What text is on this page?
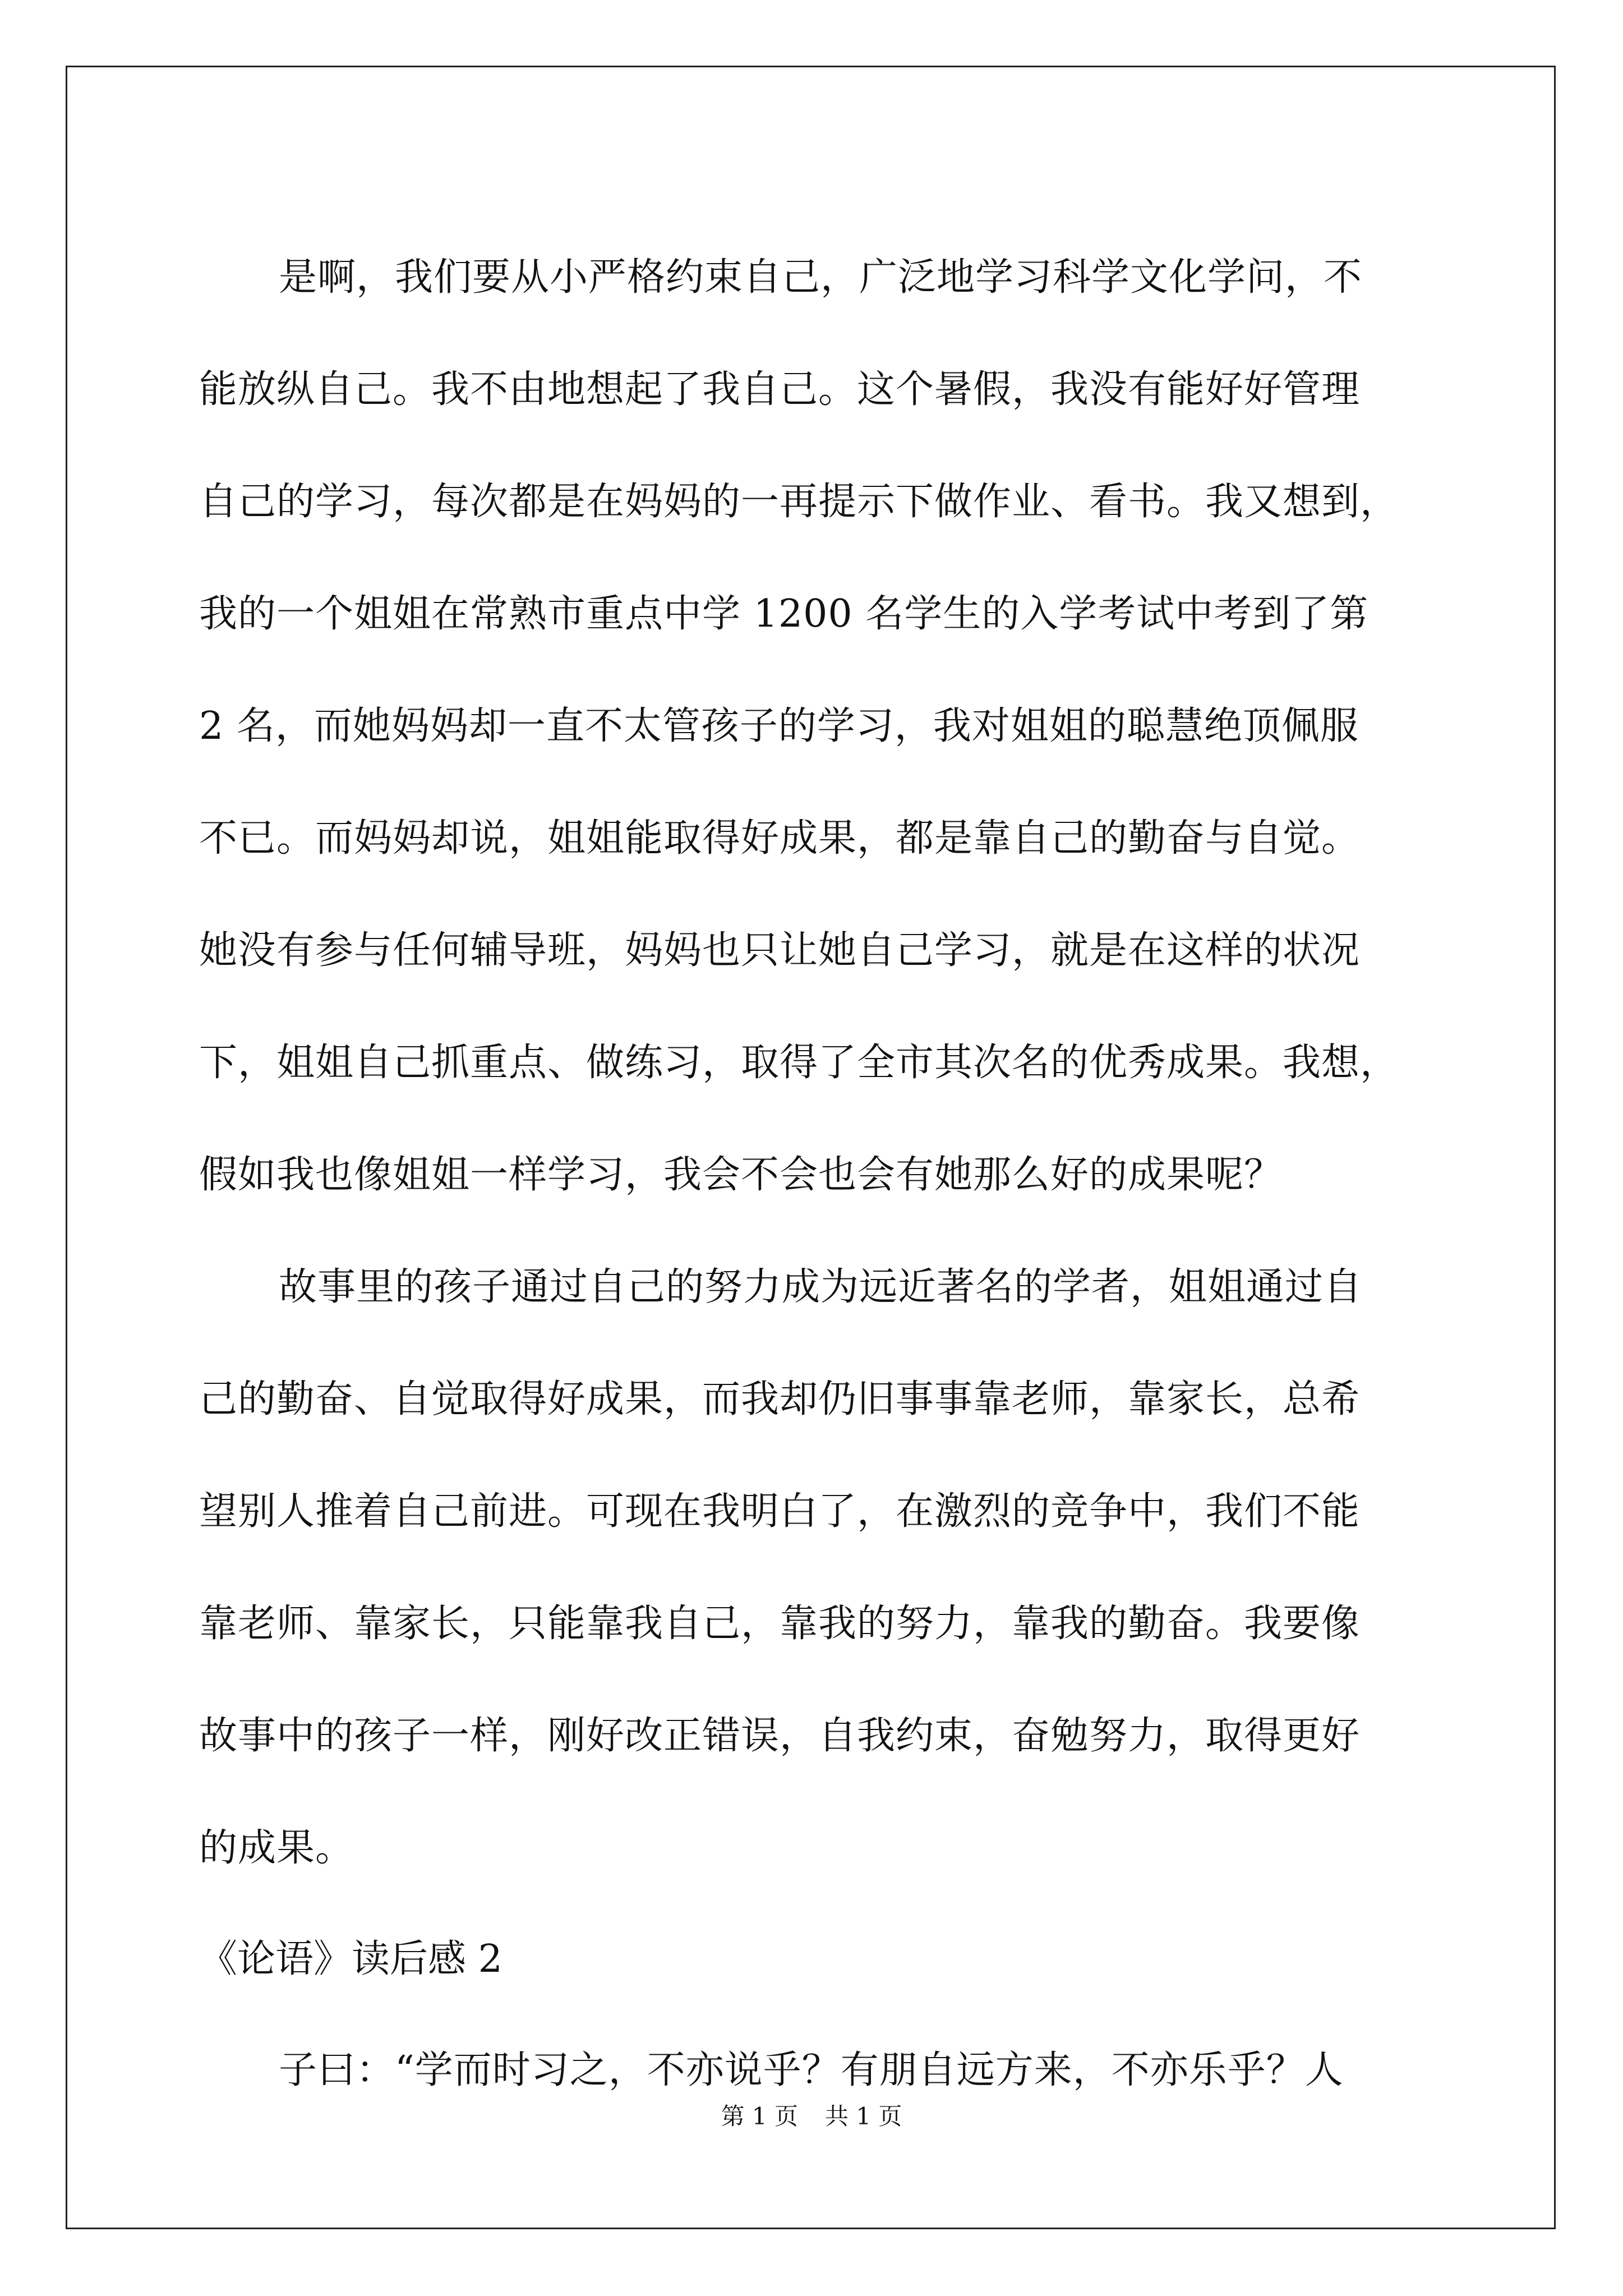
是啊，我们要从小严格约束自己，广泛地学习科学文化学问，不
能放纵自己。我不由地想起了我自己。这个暑假，我没有能好好管理
自己的学习，每次都是在妈妈的一再提示下做作业、看书。我又想到，
我的一个姐姐在常熟市重点中学 1200 名学生的入学考试中考到了第
2 名，而她妈妈却一直不太管孩子的学习，我对姐姐的聪慧绝顶佩服
不已。而妈妈却说，姐姐能取得好成果，都是靠自己的勤奋与自觉。
她没有参与任何辅导班，妈妈也只让她自己学习，就是在这样的状况
下，姐姐自己抓重点、做练习，取得了全市其次名的优秀成果。我想，
假如我也像姐姐一样学习，我会不会也会有她那么好的成果呢？
故事里的孩子通过自己的努力成为远近著名的学者，姐姐通过自
己的勤奋、自觉取得好成果，而我却仍旧事事靠老师，靠家长，总希
望别人推着自己前进。可现在我明白了，在激烈的竞争中，我们不能
靠老师、靠家长，只能靠我自己，靠我的努力，靠我的勤奋。我要像
故事中的孩子一样，刚好改正错误，自我约束，奋勉努力，取得更好
的成果。
《论语》读后感 2
子曰：“学而时习之，不亦说乎？有朋自远方来，不亦乐乎？人
第 1 页 共 1 页
